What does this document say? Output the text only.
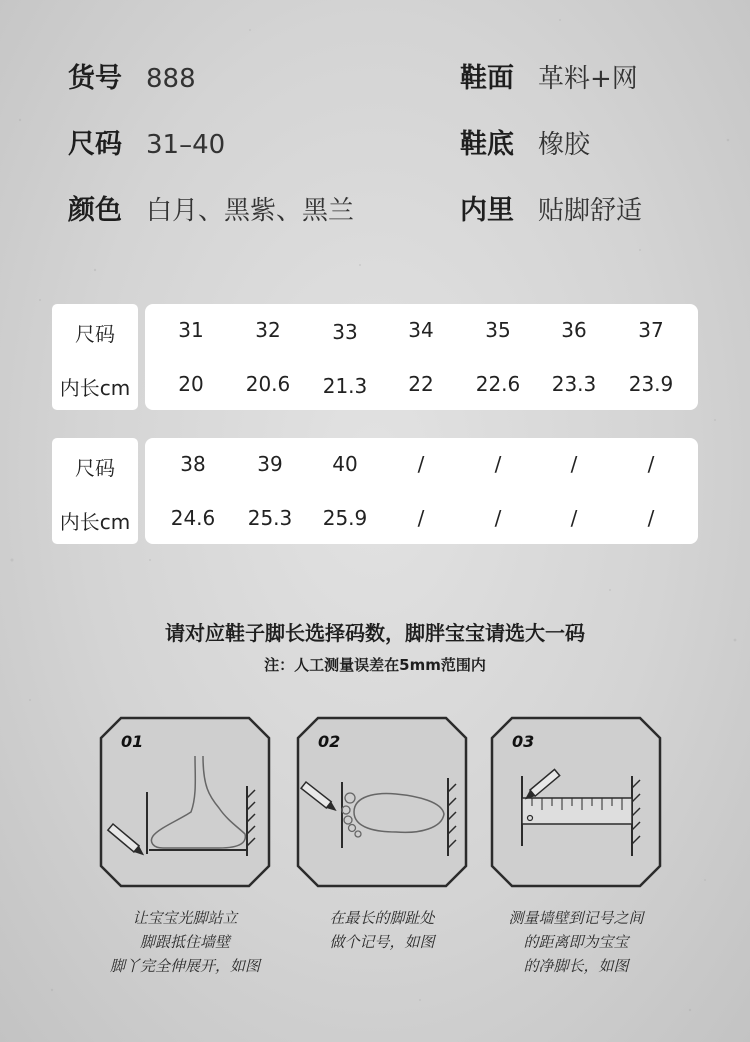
货号 888
尺码 31–40
颜色 白月、黑紫、黑兰
鞋面 革料+网
鞋底 橡胶
内里 贴脚舒适
尺码
内长cm
31	32	33	34	35	36	37
20 20.6 21.3 22 22.6 23.3 23.9
尺码
内长cm
38	39 40	/	/	/	/
24.6 25.3 25.9	/	/	/	/
请对应鞋子脚长选择码数，脚胖宝宝请选大一码
注：人工测量误差在5mm范围内
01	02	03
让宝宝光脚站立
脚跟抵住墙壁
脚丫完全伸展开，如图
在最长的脚趾处
做个记号，如图
测量墙壁到记号之间
的距离即为宝宝
的净脚长，如图
